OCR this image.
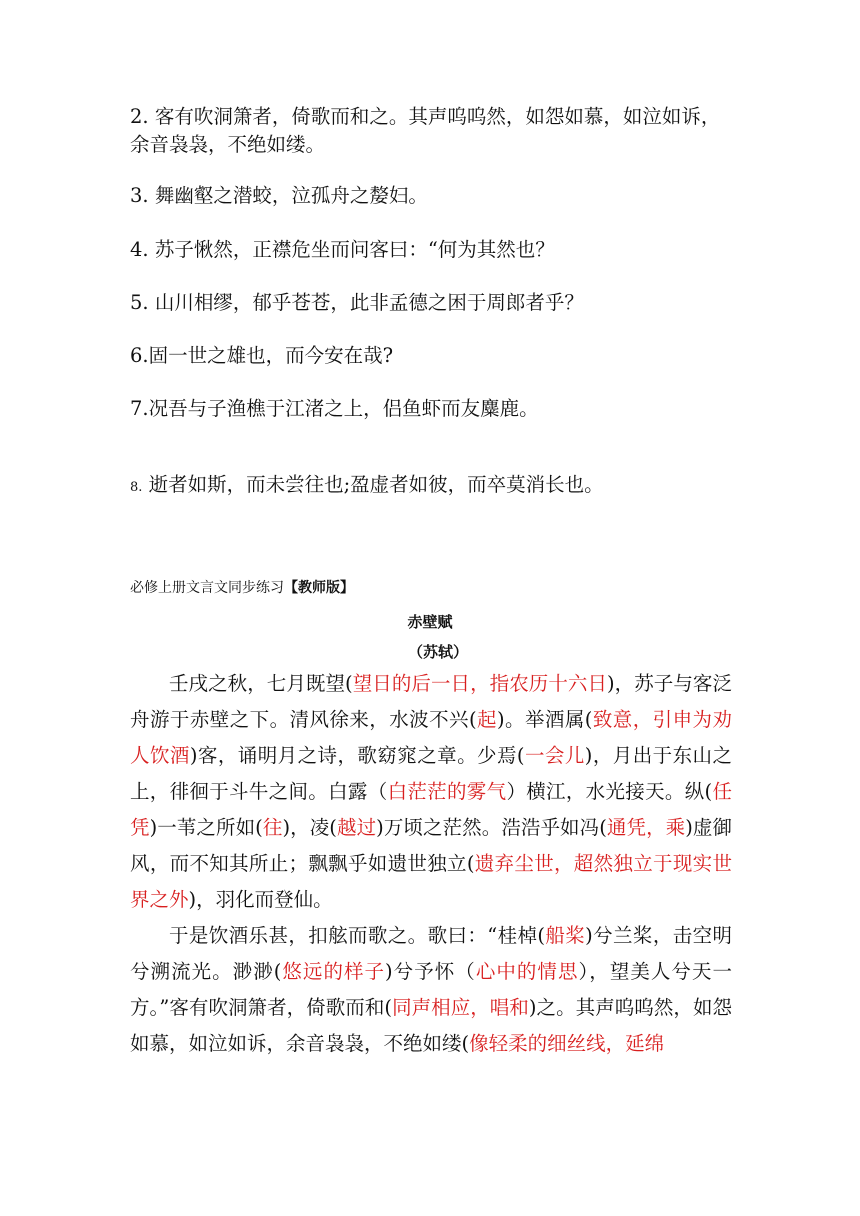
2. 客有吹洞箫者，倚歌而和之。其声呜呜然，如怨如慕，如泣如诉，
余音袅袅，不绝如缕。
3. 舞幽壑之潜蛟，泣孤舟之嫠妇。
4. 苏子愀然，正襟危坐而问客曰：“何为其然也？
5. 山川相缪，郁乎苍苍，此非孟德之困于周郎者乎？
6.固一世之雄也，而今安在哉?
7.况吾与子渔樵于江渚之上，侣鱼虾而友麋鹿。
8. 逝者如斯，而未尝往也;盈虚者如彼，而卒莫消长也。
必修上册文言文同步练习【教师版】
赤壁赋
（苏轼）

壬戌之秋，七月既望(望日的后一日，指农历十六日)，苏子与客泛舟游于赤壁之下。清风徐来，水波不兴(起)。举酒属(致意，引申为劝人饮酒)客，诵明月之诗，歌窈窕之章。少焉(一会儿)，月出于东山之上，徘徊于斗牛之间。白露（白茫茫的雾气）横江，水光接天。纵(任凭)一苇之所如(往)，凌(越过)万顷之茫然。浩浩乎如冯(通凭，乘)虚御风，而不知其所止；飘飘乎如遗世独立(遗弃尘世，超然独立于现实世界之外)，羽化而登仙。

于是饮酒乐甚，扣舷而歌之。歌曰：“桂棹(船桨)兮兰桨，击空明兮溯流光。渺渺(悠远的样子)兮予怀（心中的情思），望美人兮天一方。”客有吹洞箫者，倚歌而和(同声相应，唱和)之。其声呜呜然，如怨如慕，如泣如诉，余音袅袅，不绝如缕(像轻柔的细丝线，延绵
